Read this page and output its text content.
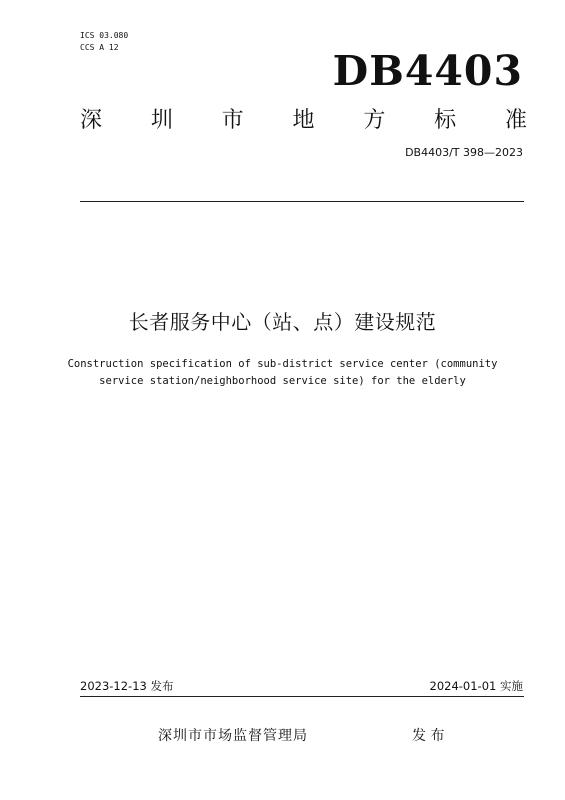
ICS 03.080
CCS A 12	DB4403
深 圳 市 地 方 标 准
DB4403/T 398—2023
长者服务中心（站、点）建设规范
Construction specification of sub-district service center (community
service station/neighborhood service site) for the elderly
2023-12-13 发布	2024-01-01 实施
深圳市市场监督管理局	发 布
